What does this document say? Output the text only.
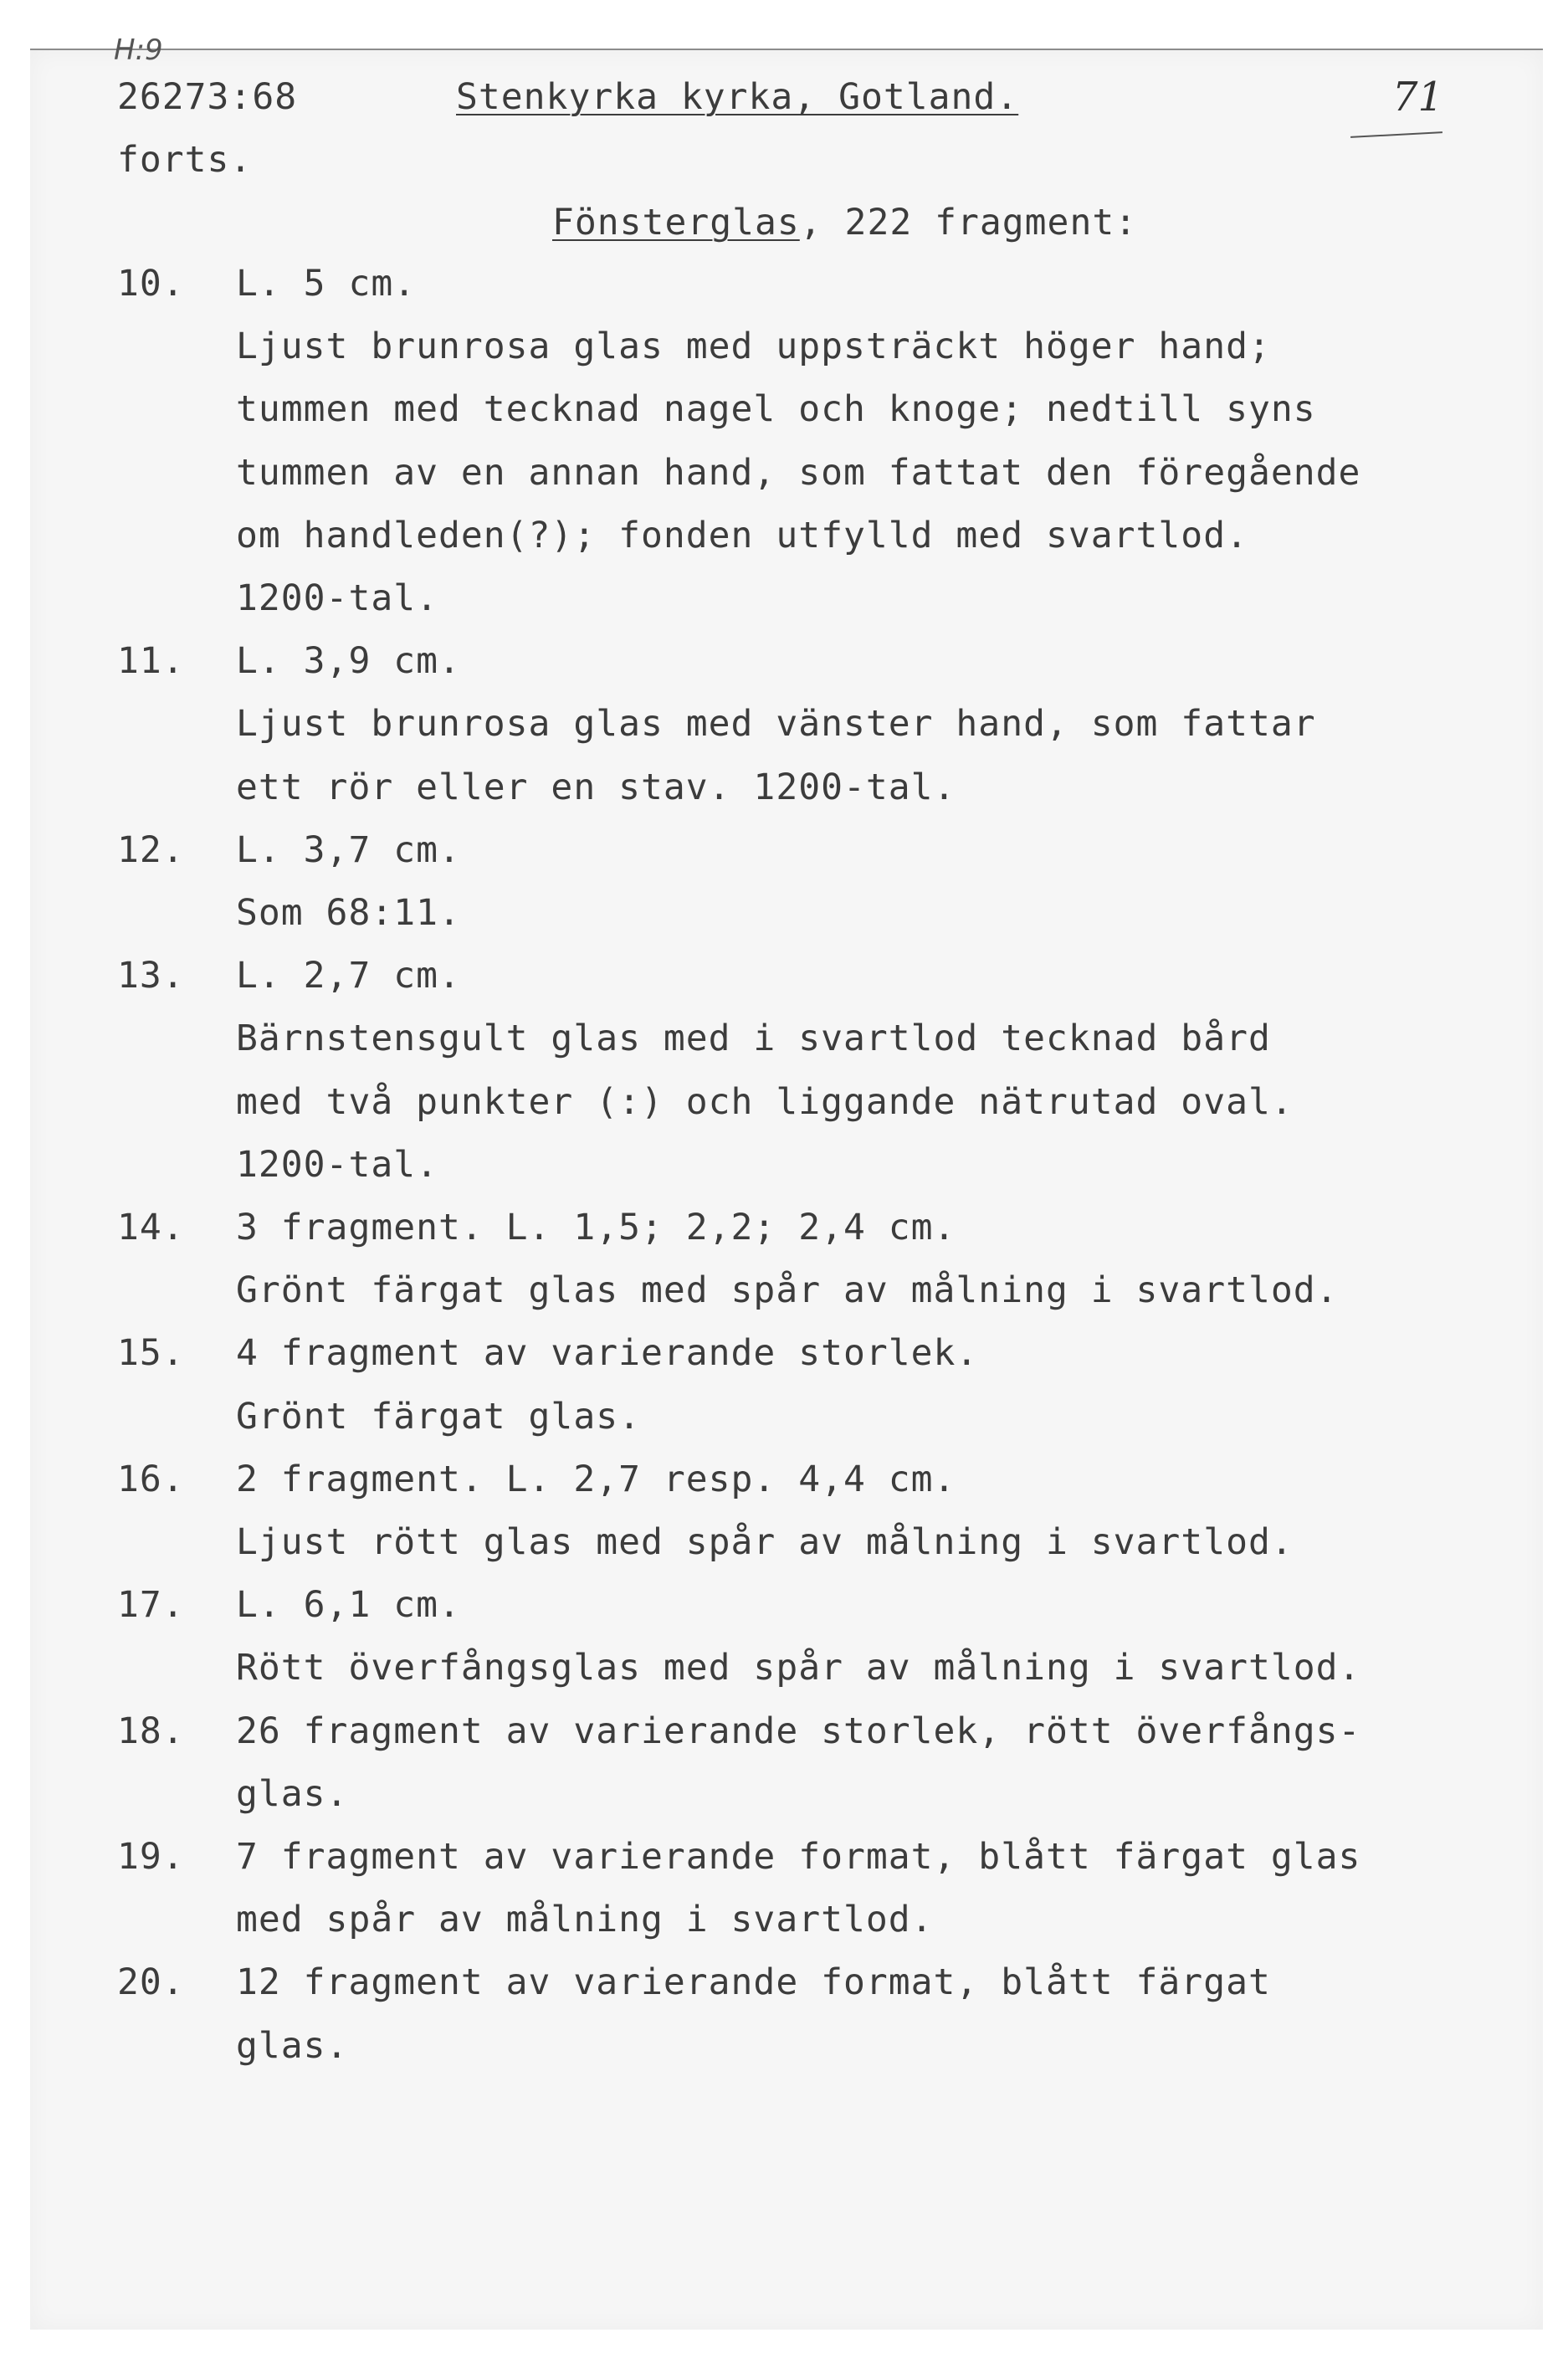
H:9
26273:68	Stenkyrka kyrka, Gotland.	71
forts.
Fönsterglas, 222 fragment:
10. L. 5 cm.
Ljust brunrosa glas med uppsträckt höger hand;
tummen med tecknad nagel och knoge; nedtill syns
tummen av en annan hand, som fattat den föregående
om handleden(?); fonden utfylld med svartlod.
1200-tal.
11. L. 3,9 cm.
Ljust brunrosa glas med vänster hand, som fattar
ett rör eller en stav. 1200-tal.
12. L. 3,7 cm.
Som 68:11.
13. L. 2,7 cm.
Bärnstensgult glas med i svartlod tecknad bård
med två punkter (:) och liggande nätrutad oval.
1200-tal.
14. 3 fragment. L. 1,5; 2,2; 2,4 cm.
Grönt färgat glas med spår av målning i svartlod.
15. 4 fragment av varierande storlek.
Grönt färgat glas.
16. 2 fragment. L. 2,7 resp. 4,4 cm.
Ljust rött glas med spår av målning i svartlod.
17. L. 6,1 cm.
Rött överfångsglas med spår av målning i svartlod.
18. 26 fragment av varierande storlek, rött överfångs-
glas.
19. 7 fragment av varierande format, blått färgat glas
med spår av målning i svartlod.
20. 12 fragment av varierande format, blått färgat
glas.
